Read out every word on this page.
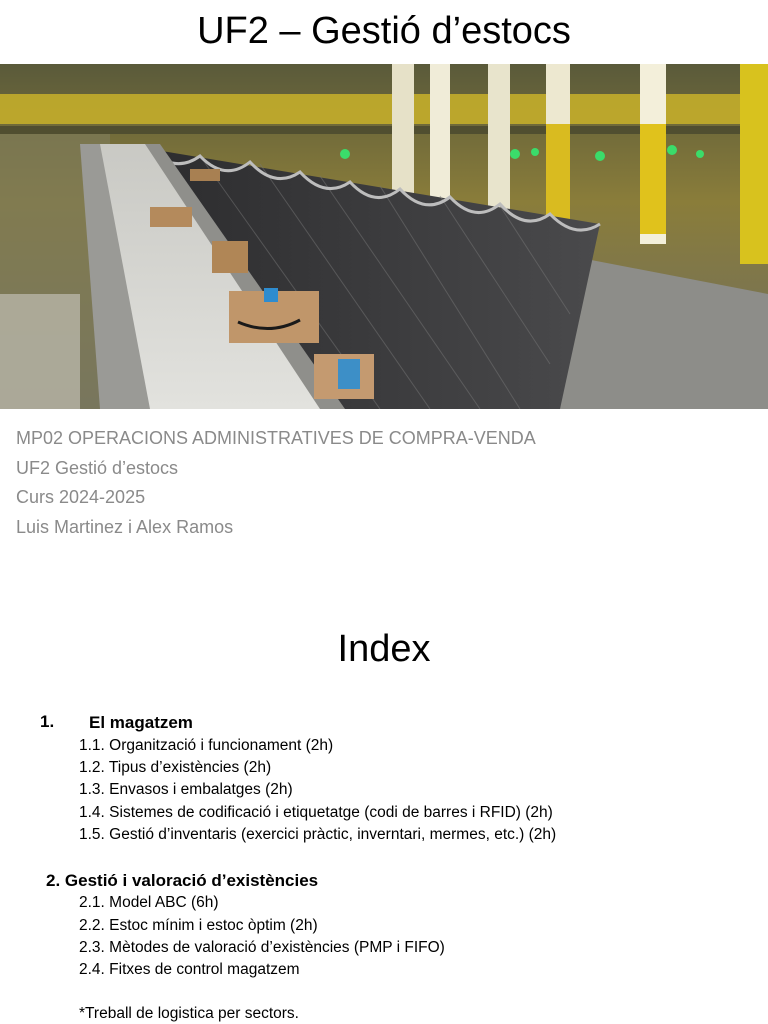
UF2 – Gestió d’estocs
MP02 OPERACIONS ADMINISTRATIVES DE COMPRA-VENDA
UF2 Gestió d’estocs
Curs 2024-2025
Luis Martinez i Alex Ramos
Index
1. El magatzem
1.1. Organització i funcionament (2h)
1.2. Tipus d’existències (2h)
1.3. Envasos i embalatges (2h)
1.4. Sistemes de codificació i etiquetatge (codi de barres i RFID) (2h)
1.5. Gestió d’inventaris (exercici pràctic, inverntari, mermes, etc.) (2h)
2. Gestió i valoració d’existències
2.1. Model ABC (6h)
2.2. Estoc mínim i estoc òptim (2h)
2.3. Mètodes de valoració d’existències (PMP i FIFO)
2.4. Fitxes de control magatzem
*Treball de logistica per sectors.
